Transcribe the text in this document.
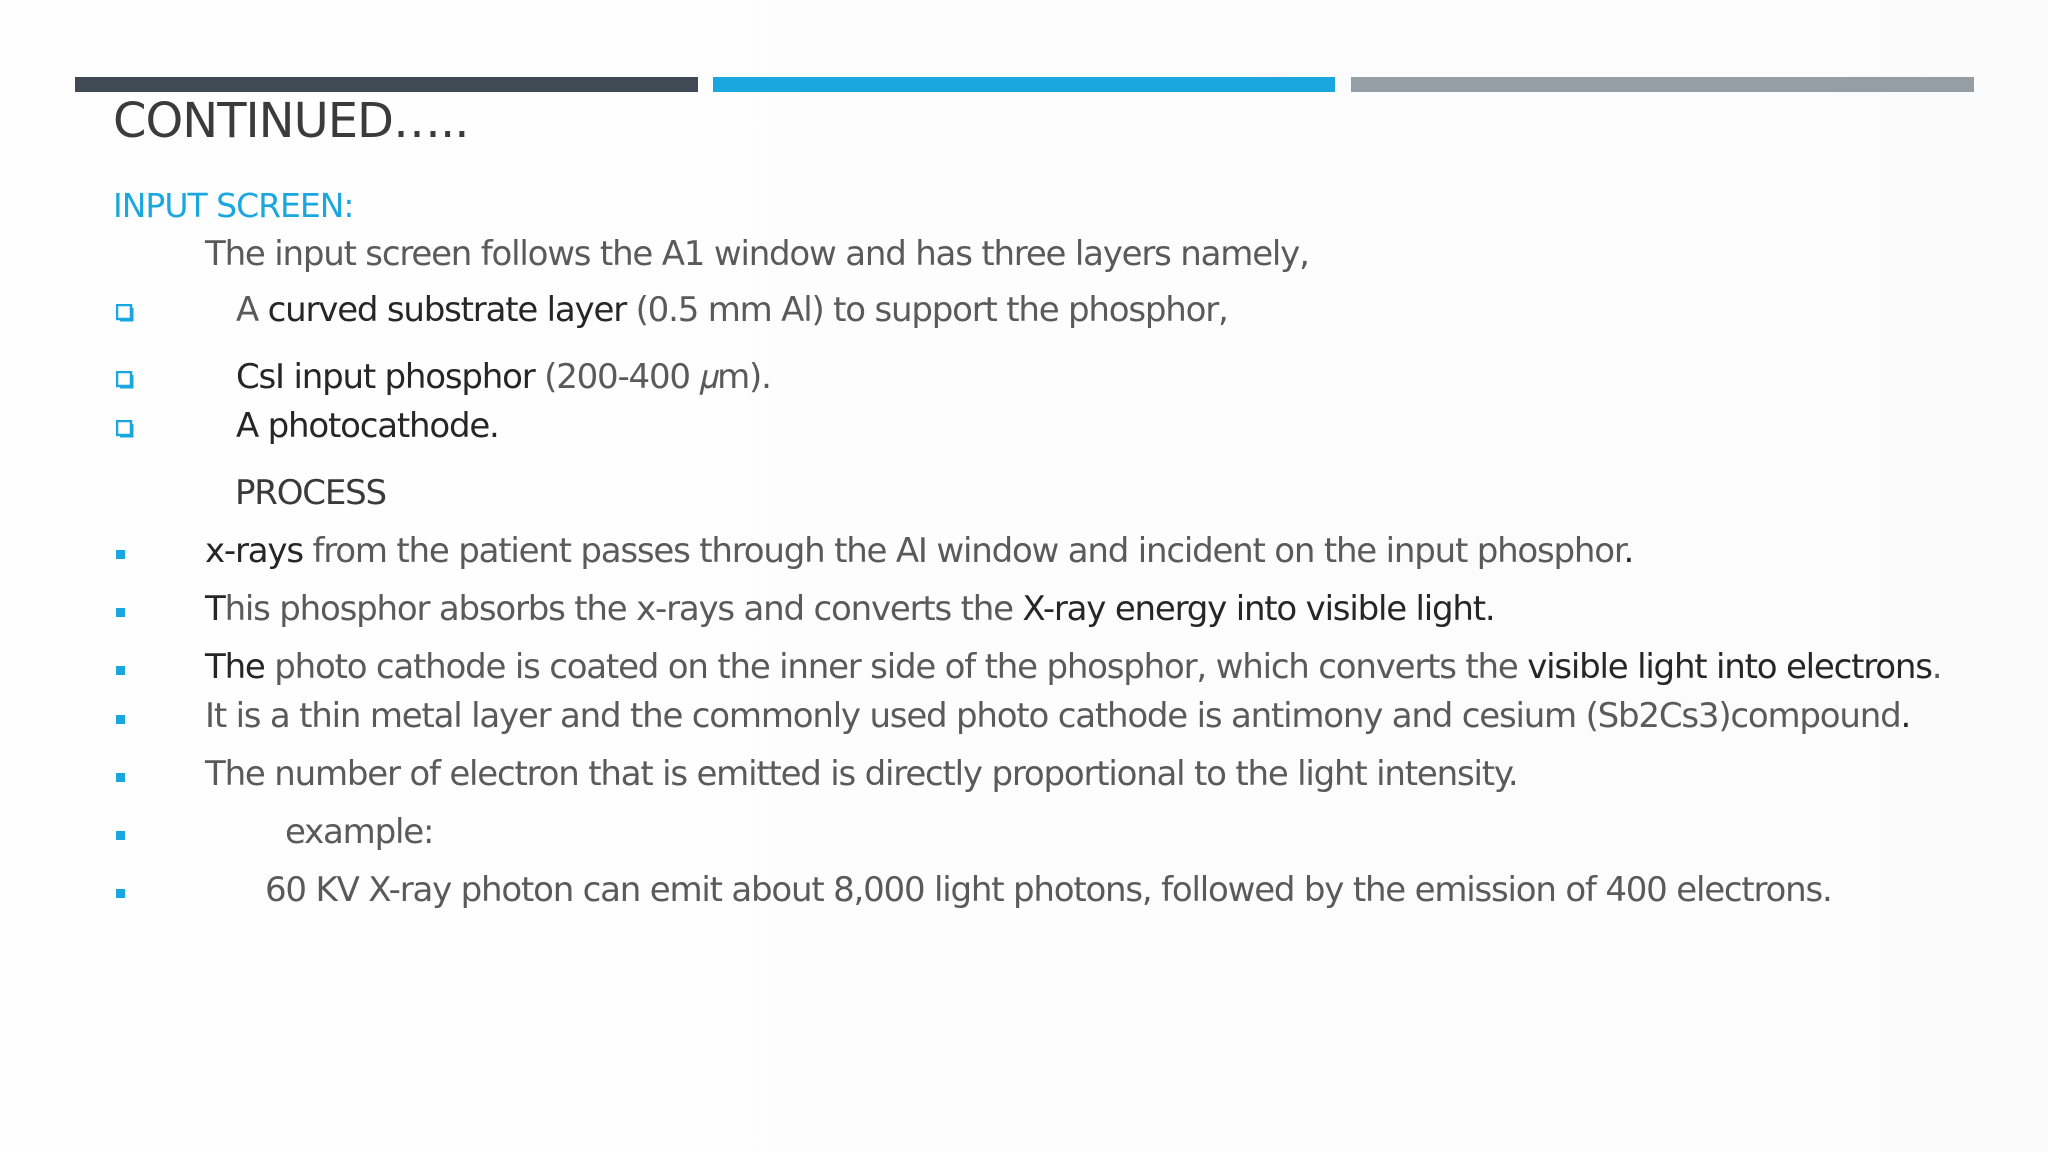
CONTINUED…..
INPUT SCREEN:
The input screen follows the A1 window and has three layers namely,
A curved substrate layer (0.5 mm Al) to support the phosphor,
CsI input phosphor (200-400 𝜇m).
A photocathode.
PROCESS
x-rays from the patient passes through the AI window and incident on the input phosphor.
This phosphor absorbs the x-rays and converts the X-ray energy into visible light.
The photo cathode is coated on the inner side of the phosphor, which converts the visible light into electrons.
It is a thin metal layer and the commonly used photo cathode is antimony and cesium (Sb2Cs3)compound.
The number of electron that is emitted is directly proportional to the light intensity.
example:
60 KV X-ray photon can emit about 8,000 light photons, followed by the emission of 400 electrons.
